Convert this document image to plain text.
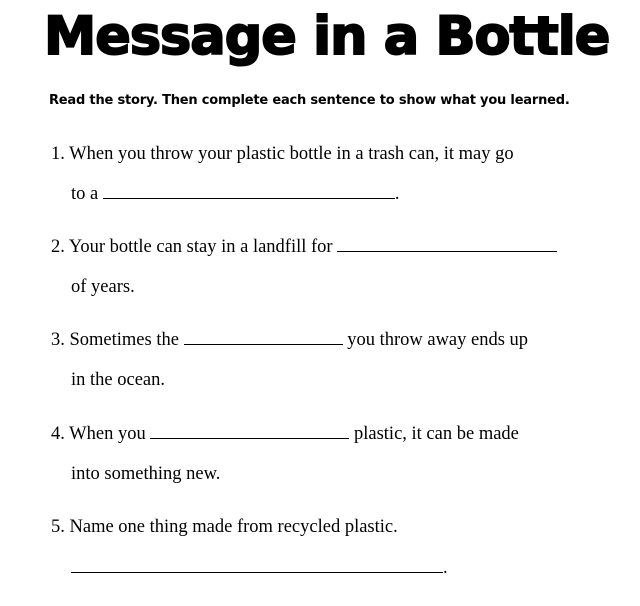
Message in a Bottle

Read the story. Then complete each sentence to show what you learned.

1. When you throw your plastic bottle in a trash can, it may go

to a	.

2. Your bottle can stay in a landfill for

of years.

3. Sometimes the	you throw away ends up

in the ocean.

4. When you	plastic, it can be made

into something new.

5. Name one thing made from recycled plastic.

.
